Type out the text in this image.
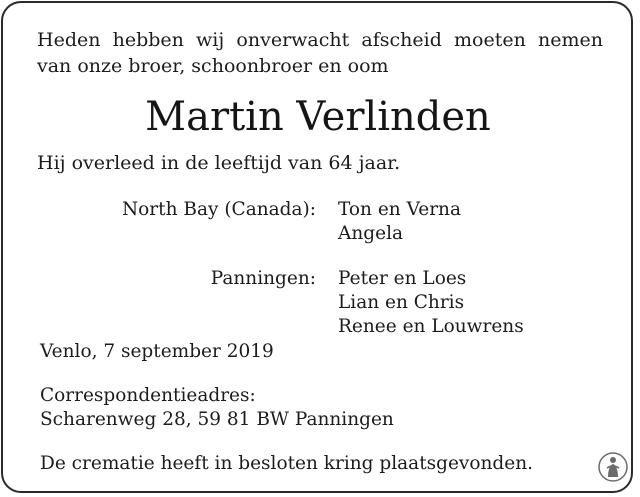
Heden hebben wij onverwacht afscheid moeten nemen
van onze broer, schoonbroer en oom
Martin Verlinden
Hij overleed in de leeftijd van 64 jaar.
North Bay (Canada): Ton en Verna
Angela
Panningen: Peter en Loes
Lian en Chris
Renee en Louwrens
Venlo, 7 september 2019
Correspondentieadres:
Scharenweg 28, 59 81 BW Panningen
De crematie heeft in besloten kring plaatsgevonden.
